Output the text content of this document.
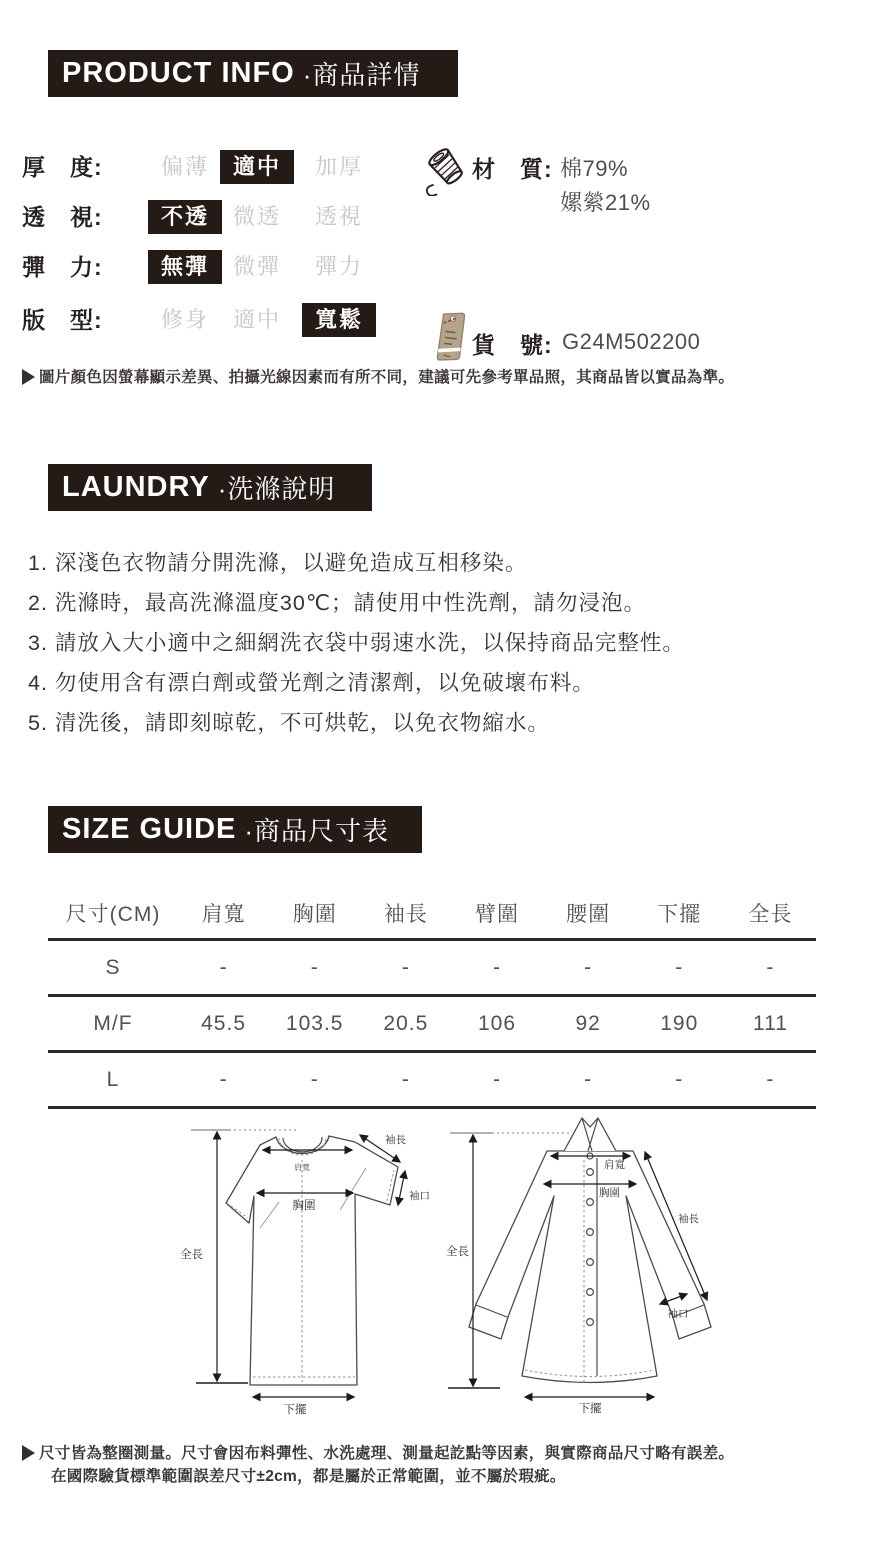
PRODUCT INFO ·商品詳情
厚　度:	偏薄	適中	加厚
透　視:	不透	微透	透視
彈　力:	無彈	微彈	彈力
版　型:	修身	適中	寬鬆
材　質: 棉79%
嫘縈21%
貨　號: G24M502200
圖片顏色因螢幕顯示差異、拍攝光線因素而有所不同，建議可先參考單品照，其商品皆以實品為準。
LAUNDRY ·洗滌說明
1. 深淺色衣物請分開洗滌，以避免造成互相移染。
2. 洗滌時，最高洗滌溫度30℃；請使用中性洗劑，請勿浸泡。
3. 請放入大小適中之細網洗衣袋中弱速水洗，以保持商品完整性。
4. 勿使用含有漂白劑或螢光劑之清潔劑，以免破壞布料。
5. 清洗後，請即刻晾乾，不可烘乾，以免衣物縮水。
SIZE GUIDE ·商品尺寸表
尺寸(CM)	肩寬	胸圍	袖長	臂圍	腰圍	下擺	全長
S	-	-	-	-	-	-	-
M/F	45.5	103.5	20.5	106	92	190	111
L	-	-	-	-	-	-	-
全長
肩寬
胸圍
袖長
袖口
下擺
全長
肩寬
胸圍
袖長
袖口
下擺
尺寸皆為整圈測量。尺寸會因布料彈性、水洗處理、測量起訖點等因素，與實際商品尺寸略有誤差。
在國際驗貨標準範圍誤差尺寸±2cm，都是屬於正常範圍，並不屬於瑕疵。
